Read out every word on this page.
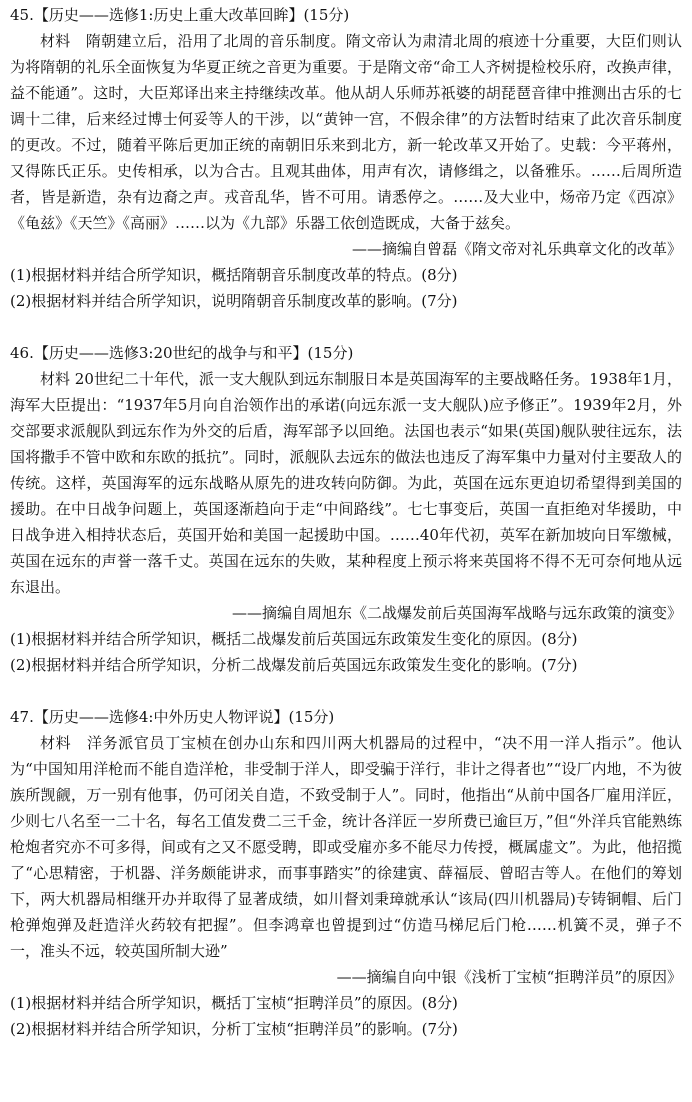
45.【历史——选修1:历史上重大改革回眸】(15分)

材料　隋朝建立后，沿用了北周的音乐制度。隋文帝认为肃清北周的痕迹十分重要，大臣们则认为将隋朝的礼乐全面恢复为华夏正统之音更为重要。于是隋文帝“命工人齐树提检校乐府，改换声律，益不能通”。这时，大臣郑译出来主持继续改革。他从胡人乐师苏祇婆的胡琵琶音律中推测出古乐的七调十二律，后来经过博士何妥等人的干涉，以“黄钟一宫，不假余律”的方法暂时结束了此次音乐制度的更改。不过，随着平陈后更加正统的南朝旧乐来到北方，新一轮改革又开始了。史载：今平蒋州，又得陈氏正乐。史传相承，以为合古。且观其曲体，用声有次，请修缉之，以备雅乐。……后周所造者，皆是新造，杂有边裔之声。戎音乱华，皆不可用。请悉停之。……及大业中，炀帝乃定《西凉》《龟兹》《天竺》《高丽》……以为《九部》乐器工依创造既成，大备于兹矣。

——摘编自曾磊《隋文帝对礼乐典章文化的改革》

(1)根据材料并结合所学知识，概括隋朝音乐制度改革的特点。(8分)

(2)根据材料并结合所学知识，说明隋朝音乐制度改革的影响。(7分)

46.【历史——选修3:20世纪的战争与和平】(15分)

材料 20世纪二十年代，派一支大舰队到远东制服日本是英国海军的主要战略任务。1938年1月，海军大臣提出：“1937年5月向自治领作出的承诺(向远东派一支大舰队)应予修正”。1939年2月，外交部要求派舰队到远东作为外交的后盾，海军部予以回绝。法国也表示“如果(英国)舰队驶往远东，法国将撒手不管中欧和东欧的抵抗”。同时，派舰队去远东的做法也违反了海军集中力量对付主要敌人的传统。这样，英国海军的远东战略从原先的进攻转向防御。为此，英国在远东更迫切希望得到美国的援助。在中日战争问题上，英国逐渐趋向于走“中间路线”。七七事变后，英国一直拒绝对华援助，中日战争进入相持状态后，英国开始和美国一起援助中国。……40年代初，英军在新加坡向日军缴械，英国在远东的声誉一落千丈。英国在远东的失败，某种程度上预示将来英国将不得不无可奈何地从远东退出。

——摘编自周旭东《二战爆发前后英国海军战略与远东政策的演变》

(1)根据材料并结合所学知识，概括二战爆发前后英国远东政策发生变化的原因。(8分)

(2)根据材料并结合所学知识，分析二战爆发前后英国远东政策发生变化的影响。(7分)

47.【历史——选修4:中外历史人物评说】(15分)

材料　洋务派官员丁宝桢在创办山东和四川两大机器局的过程中，“决不用一洋人指示”。他认为“中国知用洋枪而不能自造洋枪，非受制于洋人，即受骗于洋行，非计之得者也”“设厂内地，不为彼族所觊觎，万一别有他事，仍可闭关自造，不致受制于人”。同时，他指出“从前中国各厂雇用洋匠，少则七八名至一二十名，每名工值发费二三千金，统计各洋匠一岁所费已逾巨万，”但“外洋兵官能熟练枪炮者究亦不可多得，间或有之又不愿受聘，即或受雇亦多不能尽力传授，概属虚文”。为此，他招揽了“心思精密，于机器、洋务颇能讲求，而事事踏实”的徐建寅、薛福辰、曾昭吉等人。在他们的筹划下，两大机器局相继开办并取得了显著成绩，如川督刘秉璋就承认“该局(四川机器局)专铸铜帽、后门枪弹炮弹及赶造洋火药较有把握”。但李鸿章也曾提到过“仿造马梯尼后门枪……机簧不灵，弹子不一，准头不远，较英国所制大逊”

——摘编自向中银《浅析丁宝桢“拒聘洋员”的原因》

(1)根据材料并结合所学知识，概括丁宝桢“拒聘洋员”的原因。(8分)

(2)根据材料并结合所学知识，分析丁宝桢“拒聘洋员”的影响。(7分)
